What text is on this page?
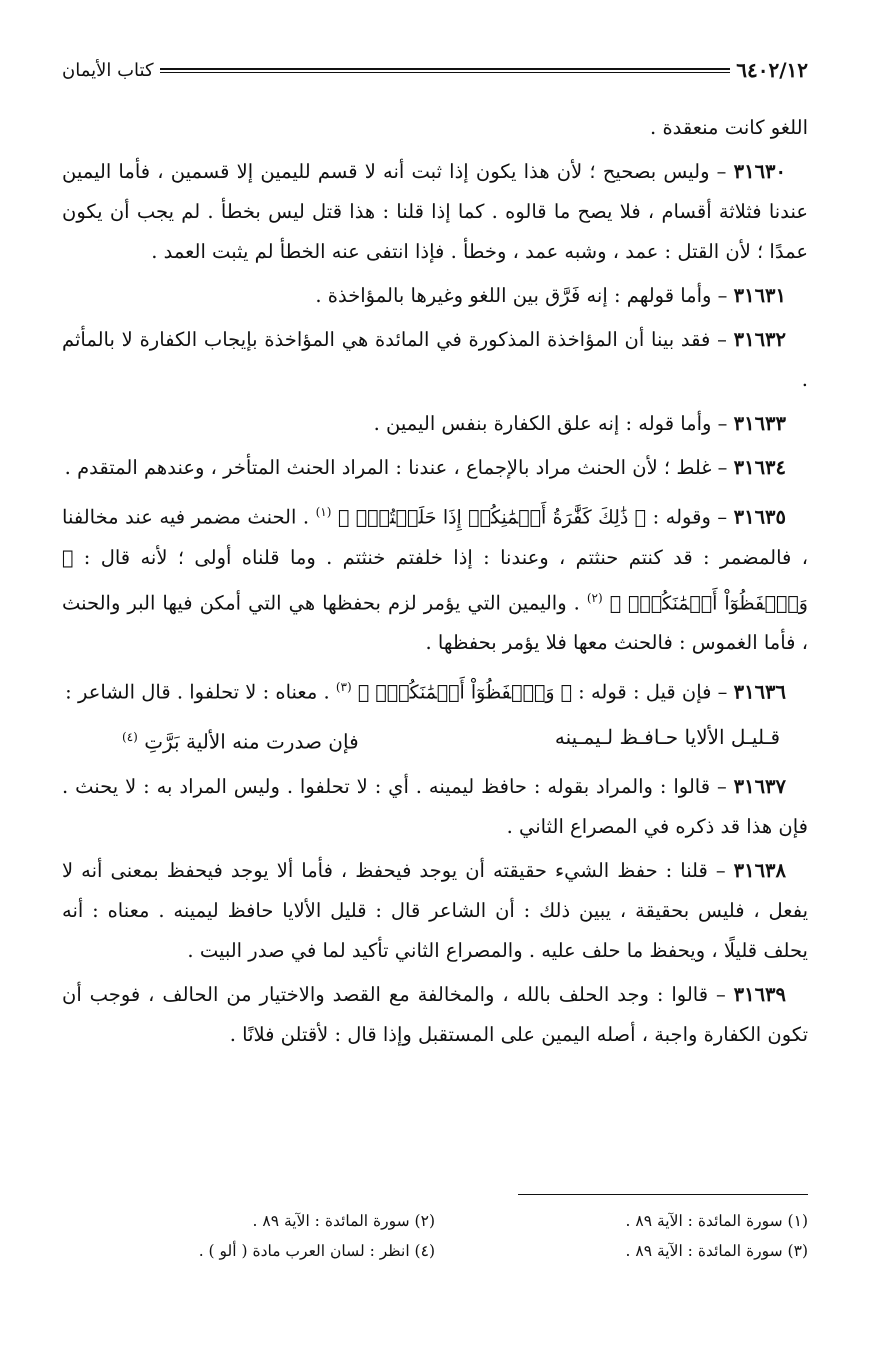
٦٤٠٢/١٢
كتاب الأيمان

اللغو كانت منعقدة .

٣١٦٣٠ – وليس بصحيح ؛ لأن هذا يكون إذا ثبت أنه لا قسم لليمين إلا قسمين ، فأما اليمين عندنا فثلاثة أقسام ، فلا يصح ما قالوه . كما إذا قلنا : هذا قتل ليس بخطأ . لم يجب أن يكون عمدًا ؛ لأن القتل : عمد ، وشبه عمد ، وخطأ . فإذا انتفى عنه الخطأ لم يثبت العمد .

٣١٦٣١ – وأما قولهم : إنه فَرَّق بين اللغو وغيرها بالمؤاخذة .

٣١٦٣٢ – فقد بينا أن المؤاخذة المذكورة في المائدة هي المؤاخذة بإيجاب الكفارة لا بالمأثم .

٣١٦٣٣ – وأما قوله : إنه علق الكفارة بنفس اليمين .

٣١٦٣٤ – غلط ؛ لأن الحنث مراد بالإجماع ، عندنا : المراد الحنث المتأخر ، وعندهم المتقدم .

٣١٦٣٥ – وقوله : ﴿ ذَٰلِكَ كَفَّٰرَةُ أَيۡمَٰنِكُمۡ إِذَا حَلَفۡتُمۡۚ ﴾ $^{(١)}$ . الحنث مضمر فيه عند مخالفنا ، فالمضمر : قد كنتم حنثتم ، وعندنا : إذا خلفتم خنثتم . وما قلناه أولى ؛ لأنه قال : ﴿ وَٱحۡفَظُوٓاْ أَيۡمَٰنَكُمۡۚ ﴾ $^{(٢)}$ . واليمين التي يؤمر لزم بحفظها هي التي أمكن فيها البر والحنث ، فأما الغموس : فالحنث معها فلا يؤمر بحفظها .

٣١٦٣٦ – فإن قيل : قوله : ﴿ وَٱحۡفَظُوٓاْ أَيۡمَٰنَكُمۡۚ ﴾ $^{(٣)}$ . معناه : لا تحلفوا . قال الشاعر :

قـليـل الألايا حـافـظ لـيمـينه
فإن صدرت منه الألية بَرَّتِ $^{(٤)}$

٣١٦٣٧ – قالوا : والمراد بقوله : حافظ ليمينه . أي : لا تحلفوا . وليس المراد به : لا يحنث . فإن هذا قد ذكره في المصراع الثاني .

٣١٦٣٨ – قلنا : حفظ الشيء حقيقته أن يوجد فيحفظ ، فأما ألا يوجد فيحفظ بمعنى أنه لا يفعل ، فليس بحقيقة ، يبين ذلك : أن الشاعر قال : قليل الألايا حافظ ليمينه . معناه : أنه يحلف قليلًا ، ويحفظ ما حلف عليه . والمصراع الثاني تأكيد لما في صدر البيت .

٣١٦٣٩ – قالوا : وجد الحلف بالله ، والمخالفة مع القصد والاختيار من الحالف ، فوجب أن تكون الكفارة واجبة ، أصله اليمين على المستقبل وإذا قال : لأقتلن فلانًا .

(١) سورة المائدة : الآية ٨٩ .
(٢) سورة المائدة : الآية ٨٩ .
(٣) سورة المائدة : الآية ٨٩ .
(٤) انظر : لسان العرب مادة ( ألو ) .
